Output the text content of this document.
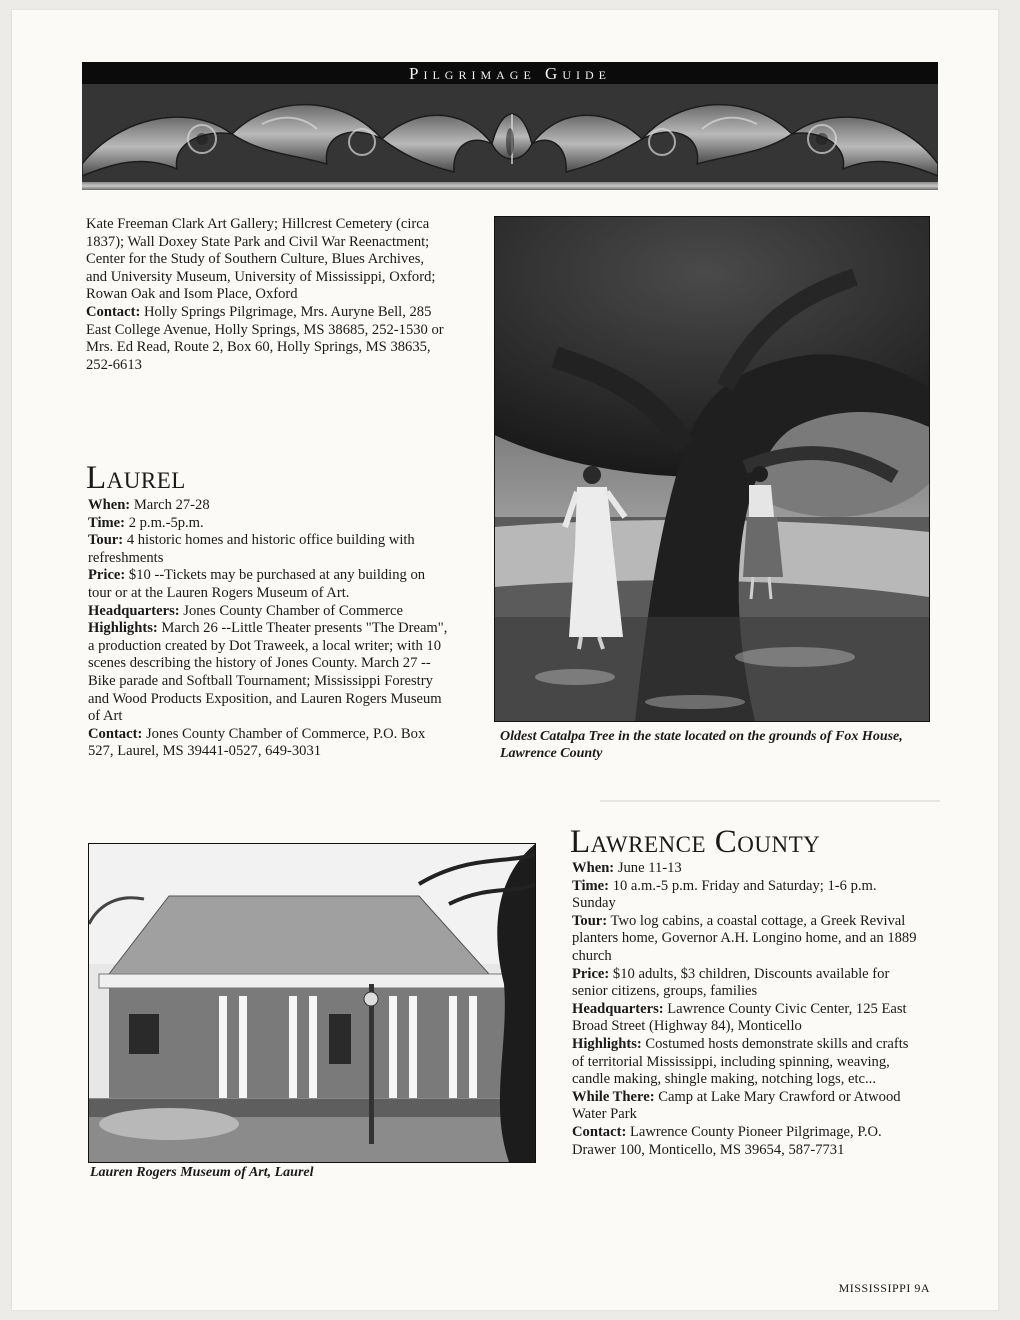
Pilgrimage Guide

Kate Freeman Clark Art Gallery; Hillcrest Cemetery (circa 1837); Wall Doxey State Park and Civil War Reenactment; Center for the Study of Southern Culture, Blues Archives, and University Museum, University of Mississippi, Oxford; Rowan Oak and Isom Place, Oxford

Contact: Holly Springs Pilgrimage, Mrs. Auryne Bell, 285 East College Avenue, Holly Springs, MS 38685, 252-1530 or Mrs. Ed Read, Route 2, Box 60, Holly Springs, MS 38635, 252-6613

Laurel

When: March 27-28

Time: 2 p.m.-5p.m.

Tour: 4 historic homes and historic office building with refreshments

Price: $10 --Tickets may be purchased at any building on tour or at the Lauren Rogers Museum of Art.

Headquarters: Jones County Chamber of Commerce

Highlights: March 26 --Little Theater presents "The Dream", a production created by Dot Traweek, a local writer; with 10 scenes describing the history of Jones County. March 27 --Bike parade and Softball Tournament; Mississippi Forestry and Wood Products Exposition, and Lauren Rogers Museum of Art

Contact: Jones County Chamber of Commerce, P.O. Box 527, Laurel, MS 39441-0527, 649-3031

Oldest Catalpa Tree in the state located on the grounds of Fox House, Lawrence County
Lauren Rogers Museum of Art, Laurel
Lawrence County

When: June 11-13

Time: 10 a.m.-5 p.m. Friday and Saturday; 1-6 p.m. Sunday

Tour: Two log cabins, a coastal cottage, a Greek Revival planters home, Governor A.H. Longino home, and an 1889 church

Price: $10 adults, $3 children, Discounts available for senior citizens, groups, families

Headquarters: Lawrence County Civic Center, 125 East Broad Street (Highway 84), Monticello

Highlights: Costumed hosts demonstrate skills and crafts of territorial Mississippi, including spinning, weaving, candle making, shingle making, notching logs, etc...

While There: Camp at Lake Mary Crawford or Atwood Water Park

Contact: Lawrence County Pioneer Pilgrimage, P.O. Drawer 100, Monticello, MS 39654, 587-7731

MISSISSIPPI 9A
